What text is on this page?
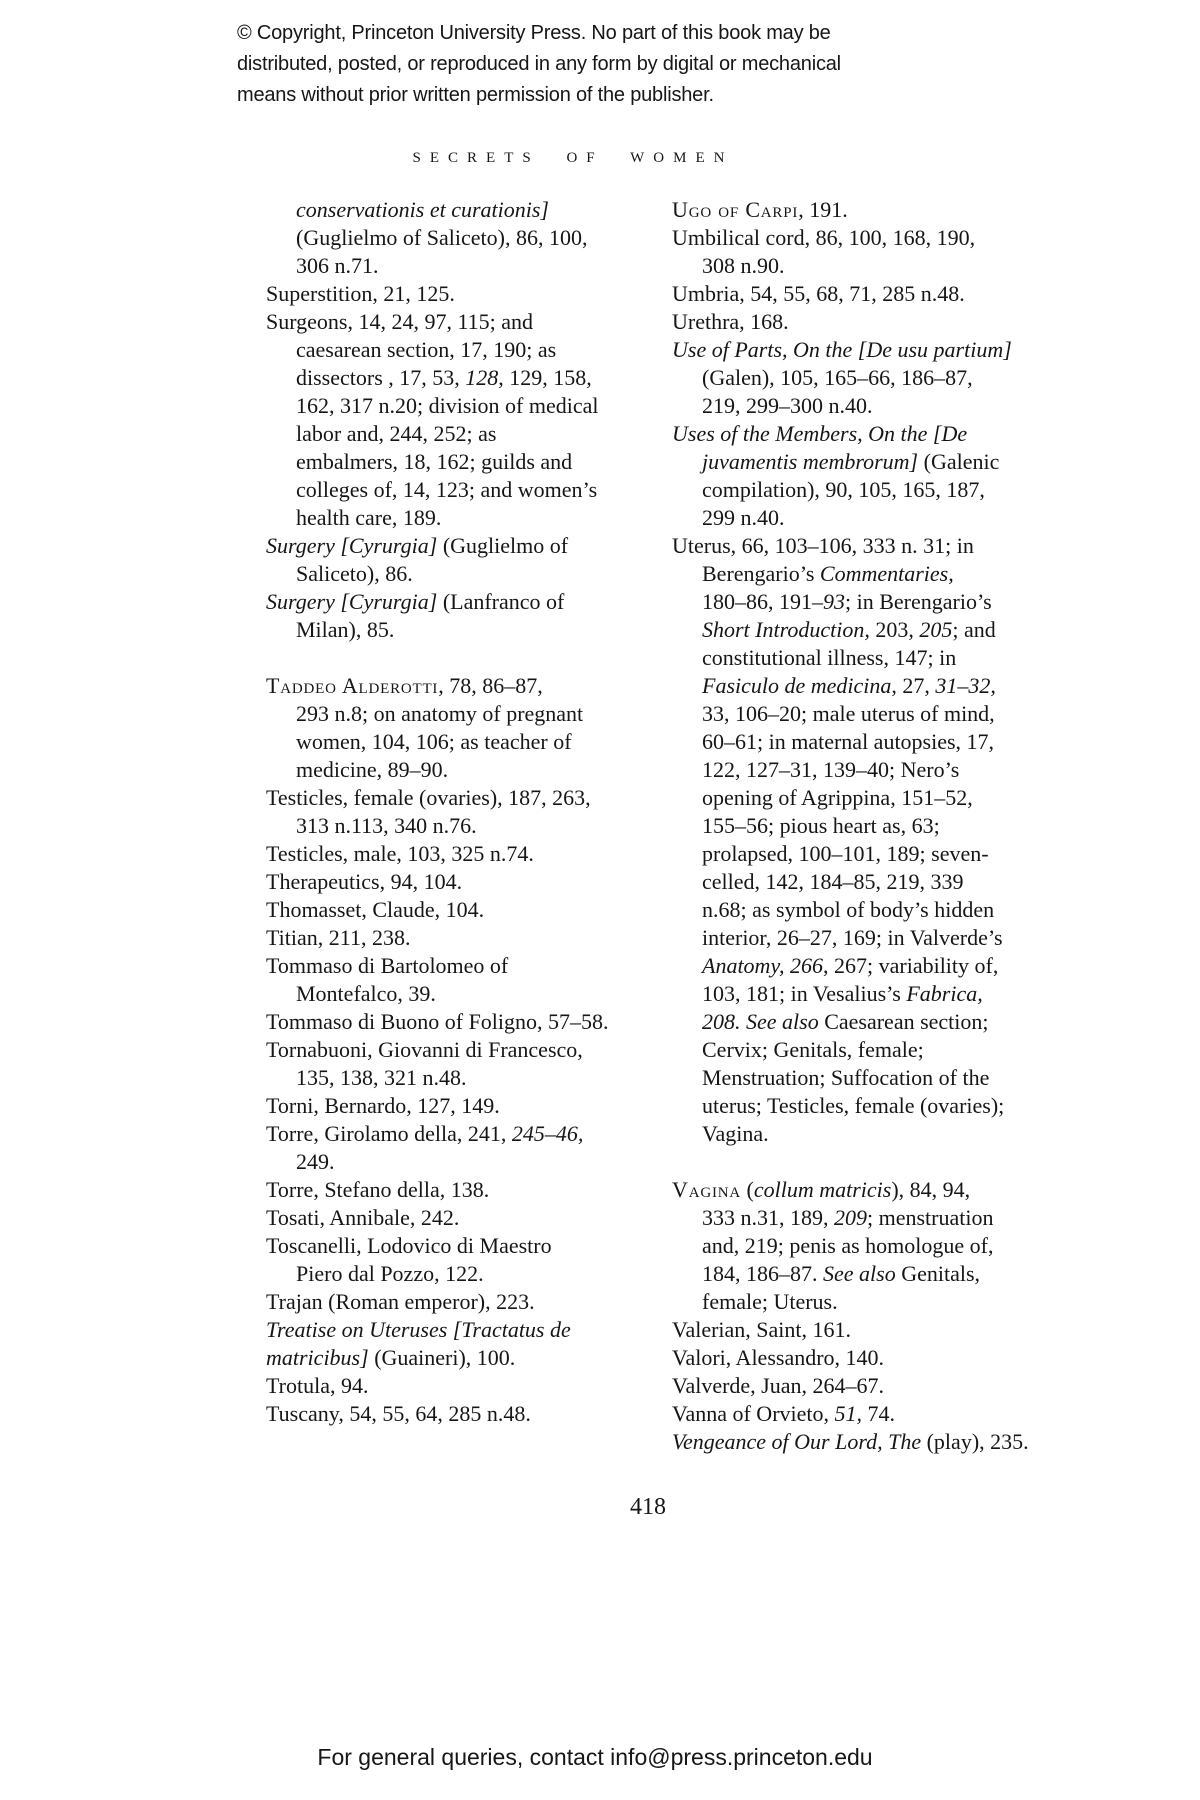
© Copyright, Princeton University Press. No part of this book may be
distributed, posted, or reproduced in any form by digital or mechanical
means without prior written permission of the publisher.
SECRETS OF WOMEN
conservationis et curationis]
(Guglielmo of Saliceto), 86, 100,
306 n.71.
Superstition, 21, 125.
Surgeons, 14, 24, 97, 115; and
caesarean section, 17, 190; as
dissectors , 17, 53, 128, 129, 158,
162, 317 n.20; division of medical
labor and, 244, 252; as
embalmers, 18, 162; guilds and
colleges of, 14, 123; and women’s
health care, 189.
Surgery [Cyrurgia] (Guglielmo of
Saliceto), 86.
Surgery [Cyrurgia] (Lanfranco of
Milan), 85.
Taddeo Alderotti, 78, 86–87,
293 n.8; on anatomy of pregnant
women, 104, 106; as teacher of
medicine, 89–90.
Testicles, female (ovaries), 187, 263,
313 n.113, 340 n.76.
Testicles, male, 103, 325 n.74.
Therapeutics, 94, 104.
Thomasset, Claude, 104.
Titian, 211, 238.
Tommaso di Bartolomeo of
Montefalco, 39.
Tommaso di Buono of Foligno, 57–58.
Tornabuoni, Giovanni di Francesco,
135, 138, 321 n.48.
Torni, Bernardo, 127, 149.
Torre, Girolamo della, 241, 245–46,
249.
Torre, Stefano della, 138.
Tosati, Annibale, 242.
Toscanelli, Lodovico di Maestro
Piero dal Pozzo, 122.
Trajan (Roman emperor), 223.
Treatise on Uteruses [Tractatus de
matricibus] (Guaineri), 100.
Trotula, 94.
Tuscany, 54, 55, 64, 285 n.48.
Ugo of Carpi, 191.
Umbilical cord, 86, 100, 168, 190,
308 n.90.
Umbria, 54, 55, 68, 71, 285 n.48.
Urethra, 168.
Use of Parts, On the [De usu partium]
(Galen), 105, 165–66, 186–87,
219, 299–300 n.40.
Uses of the Members, On the [De
juvamentis membrorum] (Galenic
compilation), 90, 105, 165, 187,
299 n.40.
Uterus, 66, 103–106, 333 n. 31; in
Berengario’s Commentaries,
180–86, 191–93; in Berengario’s
Short Introduction, 203, 205; and
constitutional illness, 147; in
Fasiculo de medicina, 27, 31–32,
33, 106–20; male uterus of mind,
60–61; in maternal autopsies, 17,
122, 127–31, 139–40; Nero’s
opening of Agrippina, 151–52,
155–56; pious heart as, 63;
prolapsed, 100–101, 189; seven-
celled, 142, 184–85, 219, 339
n.68; as symbol of body’s hidden
interior, 26–27, 169; in Valverde’s
Anatomy, 266, 267; variability of,
103, 181; in Vesalius’s Fabrica,
208. See also Caesarean section;
Cervix; Genitals, female;
Menstruation; Suffocation of the
uterus; Testicles, female (ovaries);
Vagina.
Vagina (collum matricis), 84, 94,
333 n.31, 189, 209; menstruation
and, 219; penis as homologue of,
184, 186–87. See also Genitals,
female; Uterus.
Valerian, Saint, 161.
Valori, Alessandro, 140.
Valverde, Juan, 264–67.
Vanna of Orvieto, 51, 74.
Vengeance of Our Lord, The (play), 235.
418
For general queries, contact info@press.princeton.edu
